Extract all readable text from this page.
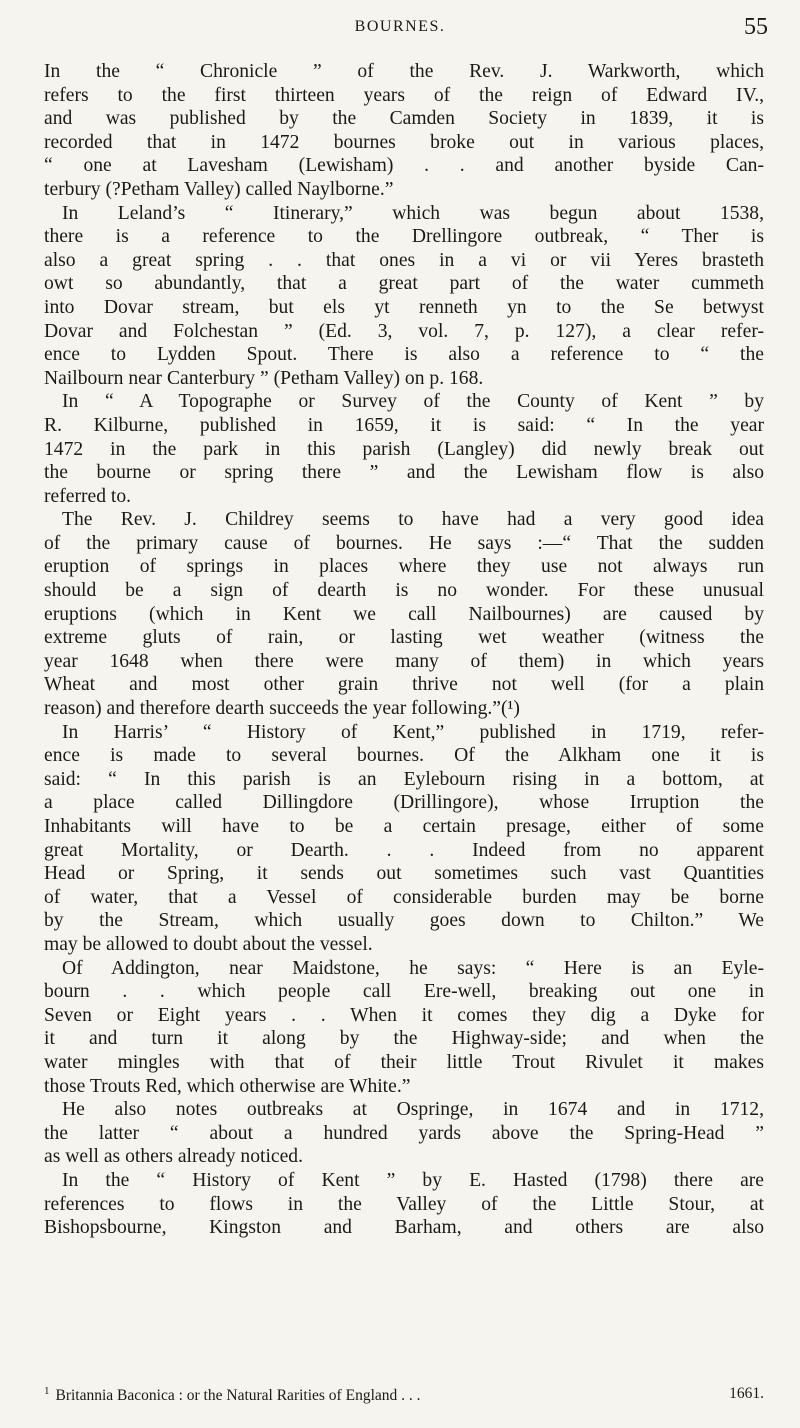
BOURNES.	55
In the “ Chronicle ” of the Rev. J. Warkworth, which
refers to the first thirteen years of the reign of Edward IV.,
and was published by the Camden Society in 1839, it is
recorded that in 1472 bournes broke out in various places,
“ one at Lavesham (Lewisham) . . and another byside Can-
terbury (?Petham Valley) called Naylborne.”
In Leland’s “ Itinerary,” which was begun about 1538,
there is a reference to the Drellingore outbreak, “ Ther is
also a great spring . . that ones in a vi or vii Yeres brasteth
owt so abundantly, that a great part of the water cummeth
into Dovar stream, but els yt renneth yn to the Se betwyst
Dovar and Folchestan ” (Ed. 3, vol. 7, p. 127), a clear refer-
ence to Lydden Spout. There is also a reference to “ the
Nailbourn near Canterbury ” (Petham Valley) on p. 168.
In “ A Topographe or Survey of the County of Kent ” by
R. Kilburne, published in 1659, it is said: “ In the year
1472 in the park in this parish (Langley) did newly break out
the bourne or spring there ” and the Lewisham flow is also
referred to.
The Rev. J. Childrey seems to have had a very good idea
of the primary cause of bournes. He says :—“ That the sudden
eruption of springs in places where they use not always run
should be a sign of dearth is no wonder. For these unusual
eruptions (which in Kent we call Nailbournes) are caused by
extreme gluts of rain, or lasting wet weather (witness the
year 1648 when there were many of them) in which years
Wheat and most other grain thrive not well (for a plain
reason) and therefore dearth succeeds the year following.”(¹)
In Harris’ “ History of Kent,” published in 1719, refer-
ence is made to several bournes. Of the Alkham one it is
said: “ In this parish is an Eylebourn rising in a bottom, at
a place called Dillingdore (Drillingore), whose Irruption the
Inhabitants will have to be a certain presage, either of some
great Mortality, or Dearth. . . Indeed from no apparent
Head or Spring, it sends out sometimes such vast Quantities
of water, that a Vessel of considerable burden may be borne
by the Stream, which usually goes down to Chilton.” We
may be allowed to doubt about the vessel.
Of Addington, near Maidstone, he says: “ Here is an Eyle-
bourn . . which people call Ere-well, breaking out one in
Seven or Eight years . . When it comes they dig a Dyke for
it and turn it along by the Highway-side; and when the
water mingles with that of their little Trout Rivulet it makes
those Trouts Red, which otherwise are White.”
He also notes outbreaks at Ospringe, in 1674 and in 1712,
the latter “ about a hundred yards above the Spring-Head ”
as well as others already noticed.
In the “ History of Kent ” by E. Hasted (1798) there are
references to flows in the Valley of the Little Stour, at
Bishopsbourne, Kingston and Barham, and others are also
$^1$ Britannia Baconica : or the Natural Rarities of England . . .	1661.
